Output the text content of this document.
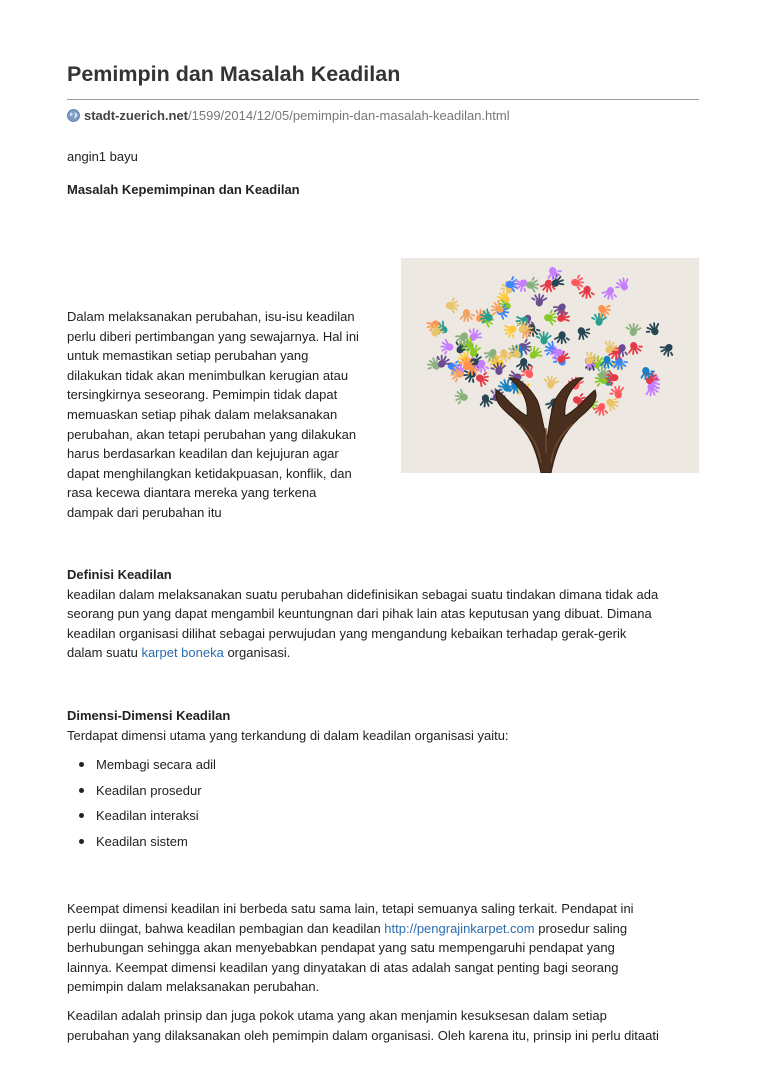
Pemimpin dan Masalah Keadilan
stadt-zuerich.net/1599/2014/12/05/pemimpin-dan-masalah-keadilan.html

angin1 bayu

Masalah Kepemimpinan dan Keadilan

Dalam melaksanakan perubahan, isu-isu keadilan
perlu diberi pertimbangan yang sewajarnya. Hal ini
untuk memastikan setiap perubahan yang
dilakukan tidak akan menimbulkan kerugian atau
tersingkirnya seseorang. Pemimpin tidak dapat
memuaskan setiap pihak dalam melaksanakan
perubahan, akan tetapi perubahan yang dilakukan
harus berdasarkan keadilan dan kejujuran agar
dapat menghilangkan ketidakpuasan, konflik, dan
rasa kecewa diantara mereka yang terkena
dampak dari perubahan itu
Definisi Keadilan
keadilan dalam melaksanakan suatu perubahan didefinisikan sebagai suatu tindakan dimana tidak ada
seorang pun yang dapat mengambil keuntungnan dari pihak lain atas keputusan yang dibuat. Dimana
keadilan organisasi dilihat sebagai perwujudan yang mengandung kebaikan terhadap gerak-gerik
dalam suatu karpet boneka organisasi.
Dimensi-Dimensi Keadilan
Terdapat dimensi utama yang terkandung di dalam keadilan organisasi yaitu:
Membagi secara adil
Keadilan prosedur
Keadilan interaksi
Keadilan sistem
Keempat dimensi keadilan ini berbeda satu sama lain, tetapi semuanya saling terkait. Pendapat ini
perlu diingat, bahwa keadilan pembagian dan keadilan http://pengrajinkarpet.com prosedur saling
berhubungan sehingga akan menyebabkan pendapat yang satu mempengaruhi pendapat yang
lainnya. Keempat dimensi keadilan yang dinyatakan di atas adalah sangat penting bagi seorang
pemimpin dalam melaksanakan perubahan.
Keadilan adalah prinsip dan juga pokok utama yang akan menjamin kesuksesan dalam setiap
perubahan yang dilaksanakan oleh pemimpin dalam organisasi. Oleh karena itu, prinsip ini perlu ditaati
